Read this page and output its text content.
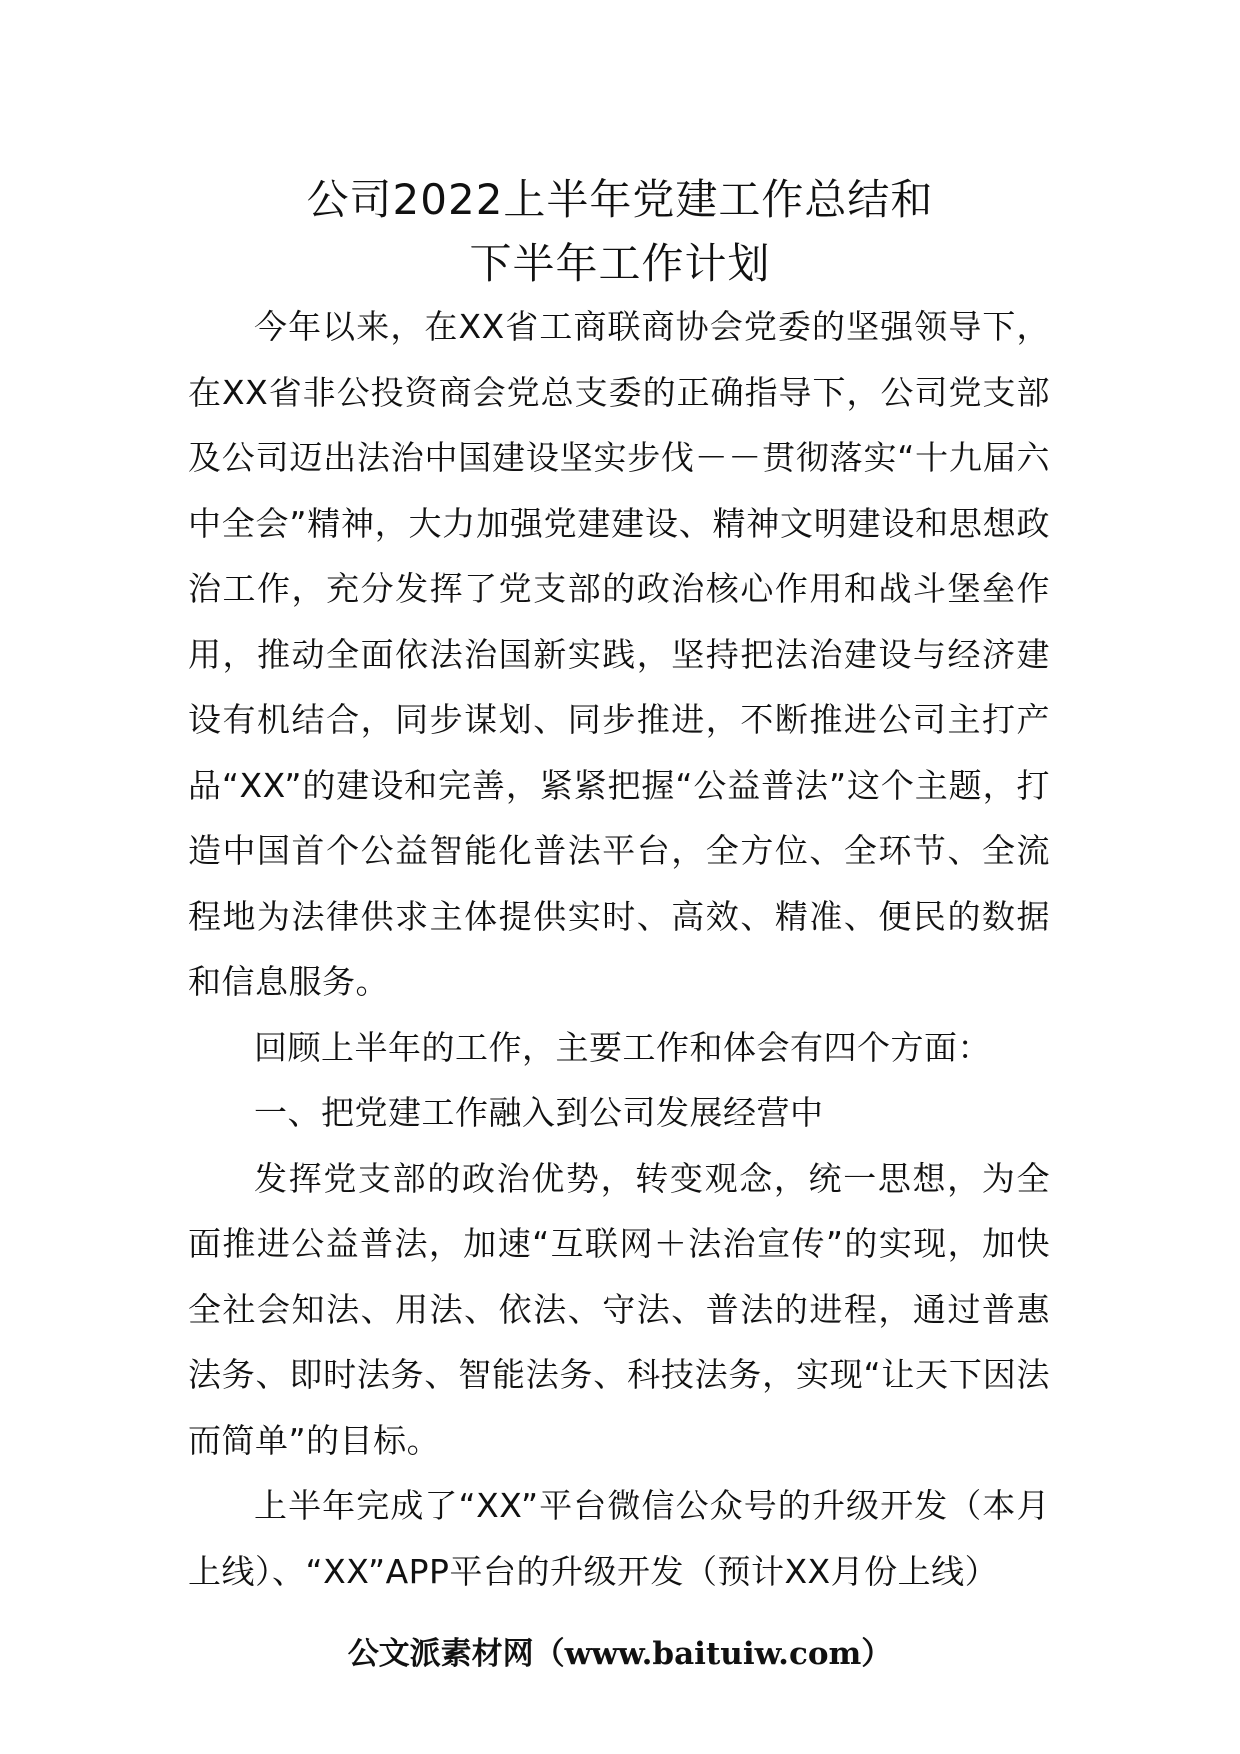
公司2022上半年党建工作总结和
下半年工作计划

今年以来，在XX省工商联商协会党委的坚强领导下，在XX省非公投资商会党总支委的正确指导下，公司党支部及公司迈出法治中国建设坚实步伐－－贯彻落实“十九届六中全会”精神，大力加强党建建设、精神文明建设和思想政治工作，充分发挥了党支部的政治核心作用和战斗堡垒作用，推动全面依法治国新实践，坚持把法治建设与经济建设有机结合，同步谋划、同步推进，不断推进公司主打产品“XX”的建设和完善，紧紧把握“公益普法”这个主题，打造中国首个公益智能化普法平台，全方位、全环节、全流程地为法律供求主体提供实时、高效、精准、便民的数据和信息服务。

回顾上半年的工作，主要工作和体会有四个方面：

一、把党建工作融入到公司发展经营中

发挥党支部的政治优势，转变观念，统一思想，为全面推进公益普法，加速“互联网＋法治宣传”的实现，加快全社会知法、用法、依法、守法、普法的进程，通过普惠法务、即时法务、智能法务、科技法务，实现“让天下因法而简单”的目标。

上半年完成了“XX”平台微信公众号的升级开发（本月上线）、“XX”APP平台的升级开发（预计XX月份上线）

公文派素材网（www.baituiw.com）
